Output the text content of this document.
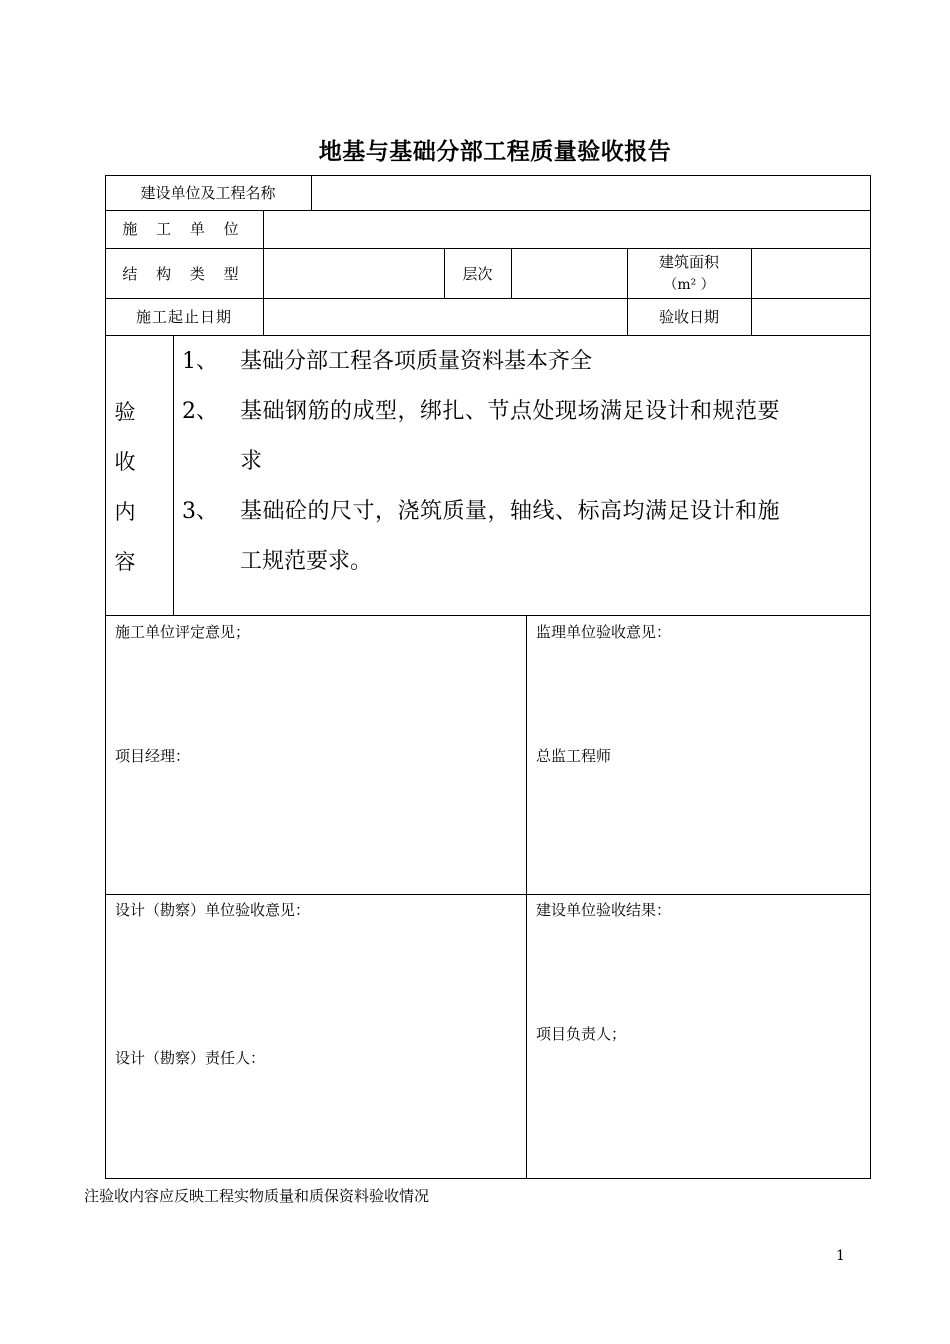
地基与基础分部工程质量验收报告
建设单位及工程名称
施 工 单 位
结 构 类 型	层次
建筑面积
（m² ）
施工起止日期	验收日期
验
收
内
容
1、 基础分部工程各项质量资料基本齐全
2、 基础钢筋的成型，绑扎、节点处现场满足设计和规范要
求
3、 基础砼的尺寸，浇筑质量，轴线、标高均满足设计和施
工规范要求。
施工单位评定意见；
项目经理：
监理单位验收意见：
总监工程师
设计（勘察）单位验收意见：
设计（勘察）责任人：
建设单位验收结果：
项目负责人；
注验收内容应反映工程实物质量和质保资料验收情况
1
